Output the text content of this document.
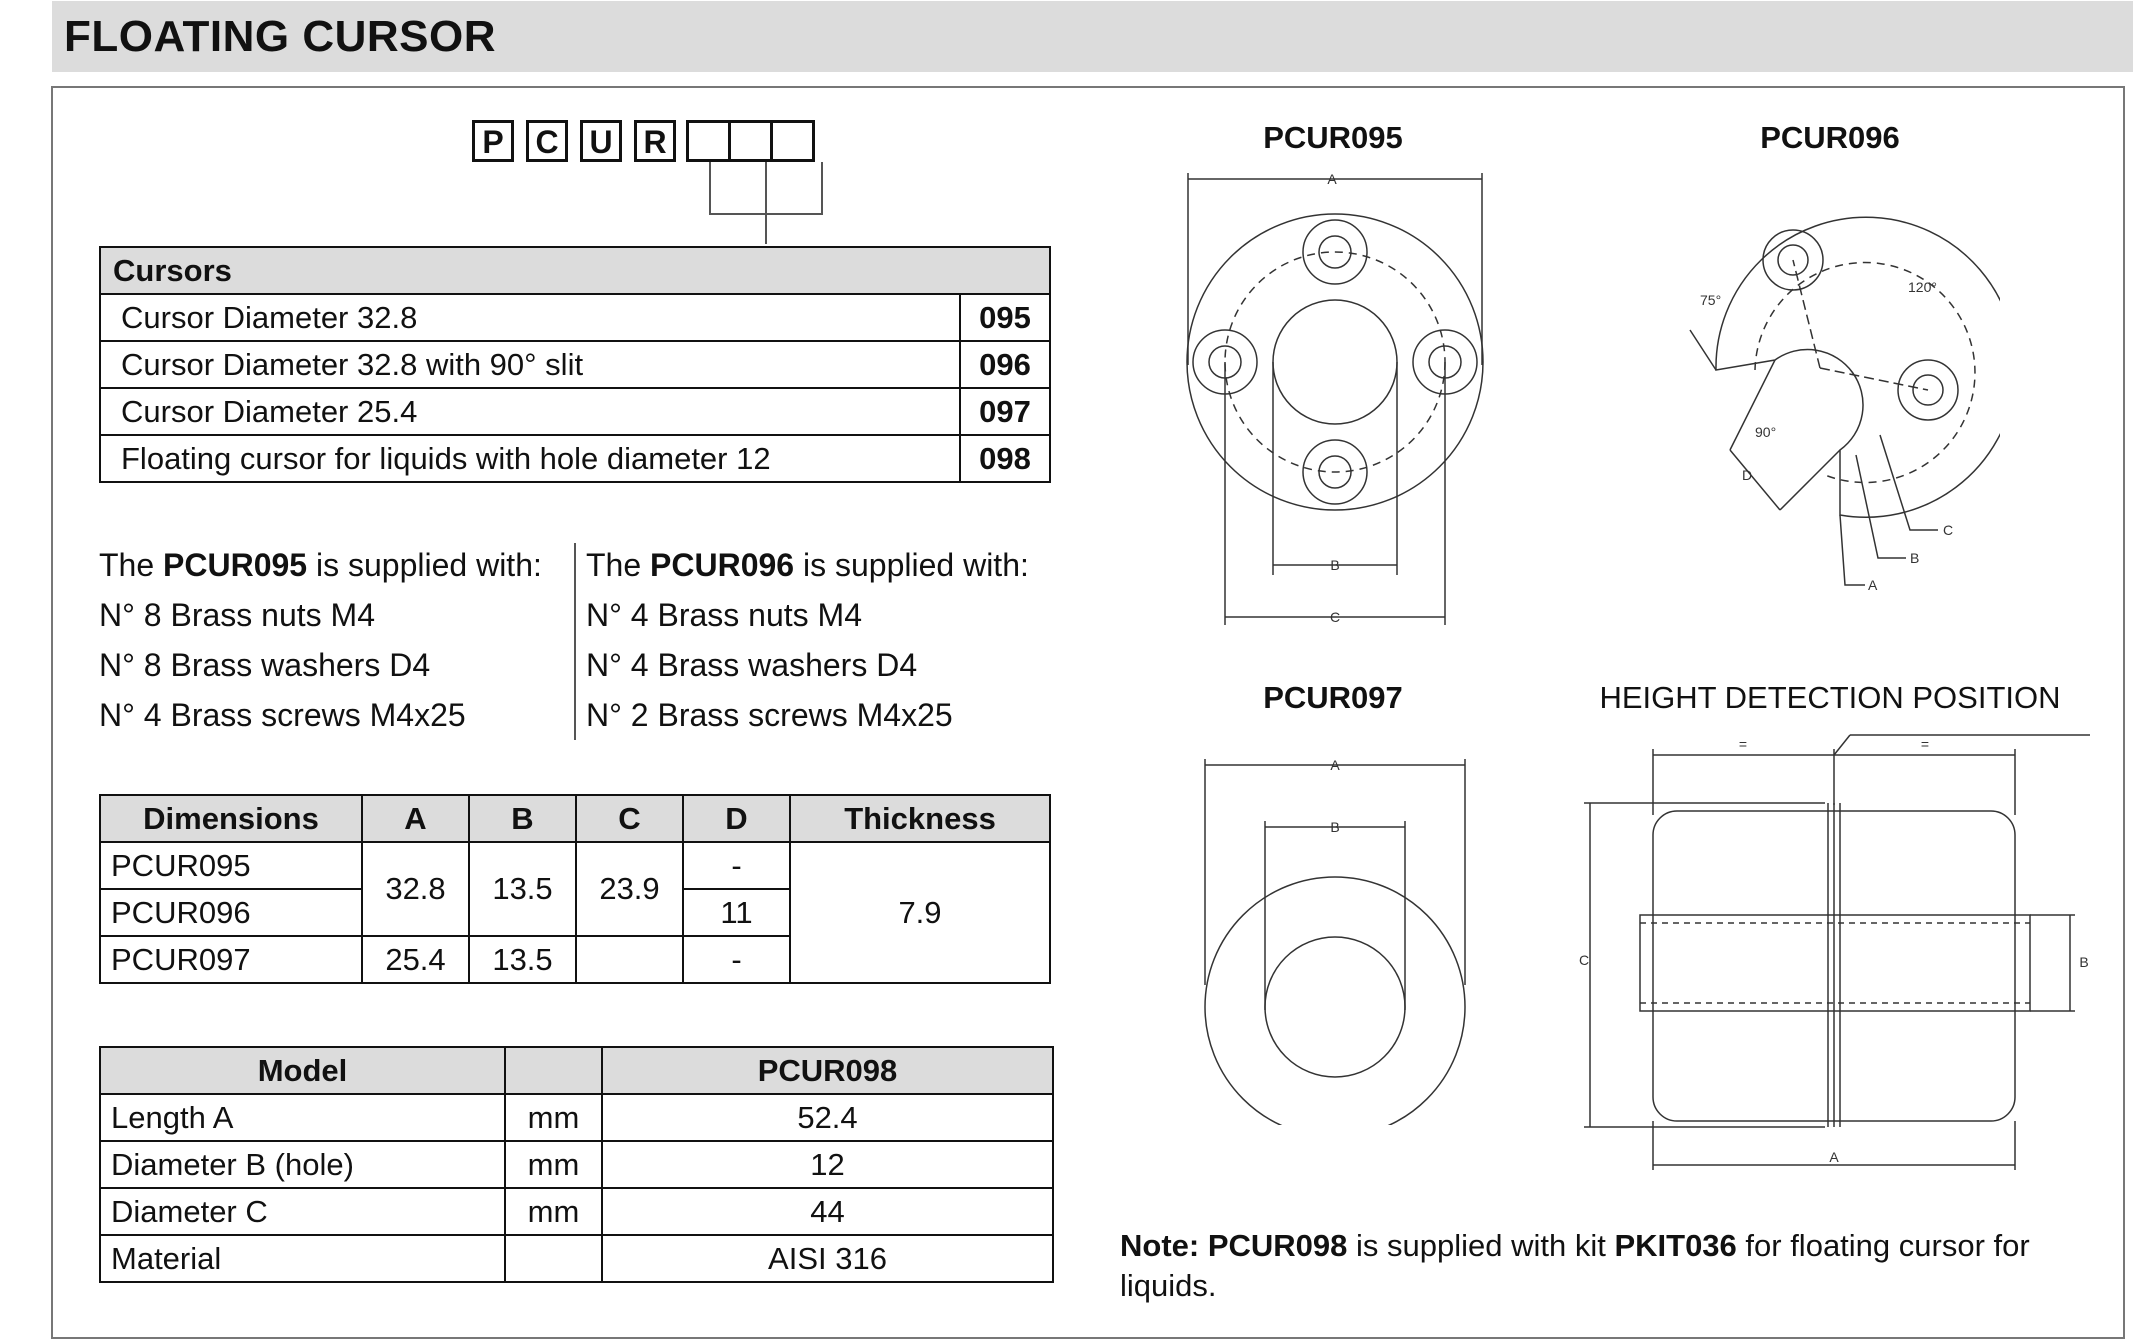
FLOATING CURSOR
P C U R
Cursors	
Cursor Diameter 32.8	095
Cursor Diameter 32.8 with 90° slit	096
Cursor Diameter 25.4	097
Floating cursor for liquids with hole diameter 12	098
The PCUR095 is supplied with:
N° 8 Brass nuts M4
N° 8 Brass washers D4
N° 4 Brass screws M4x25
The PCUR096 is supplied with:
N° 4 Brass nuts M4
N° 4 Brass washers D4
N° 2 Brass screws M4x25
Dimensions	A	B	C	D	Thickness
PCUR095	32.8	13.5	23.9	-	7.9
PCUR096				11	
PCUR097	25.4	13.5		-	
Model		PCUR098
Length A	mm	52.4
Diameter B (hole)	mm	12
Diameter C	mm	44
Material		AISI 316
PCUR095	PCUR096
PCUR097	HEIGHT DETECTION POSITION
A
B
C
75°
120°
90°
D
C
B
A
A
B
=	=
C	B
A
Note: PCUR098 is supplied with kit PKIT036 for floating cursor for liquids.
